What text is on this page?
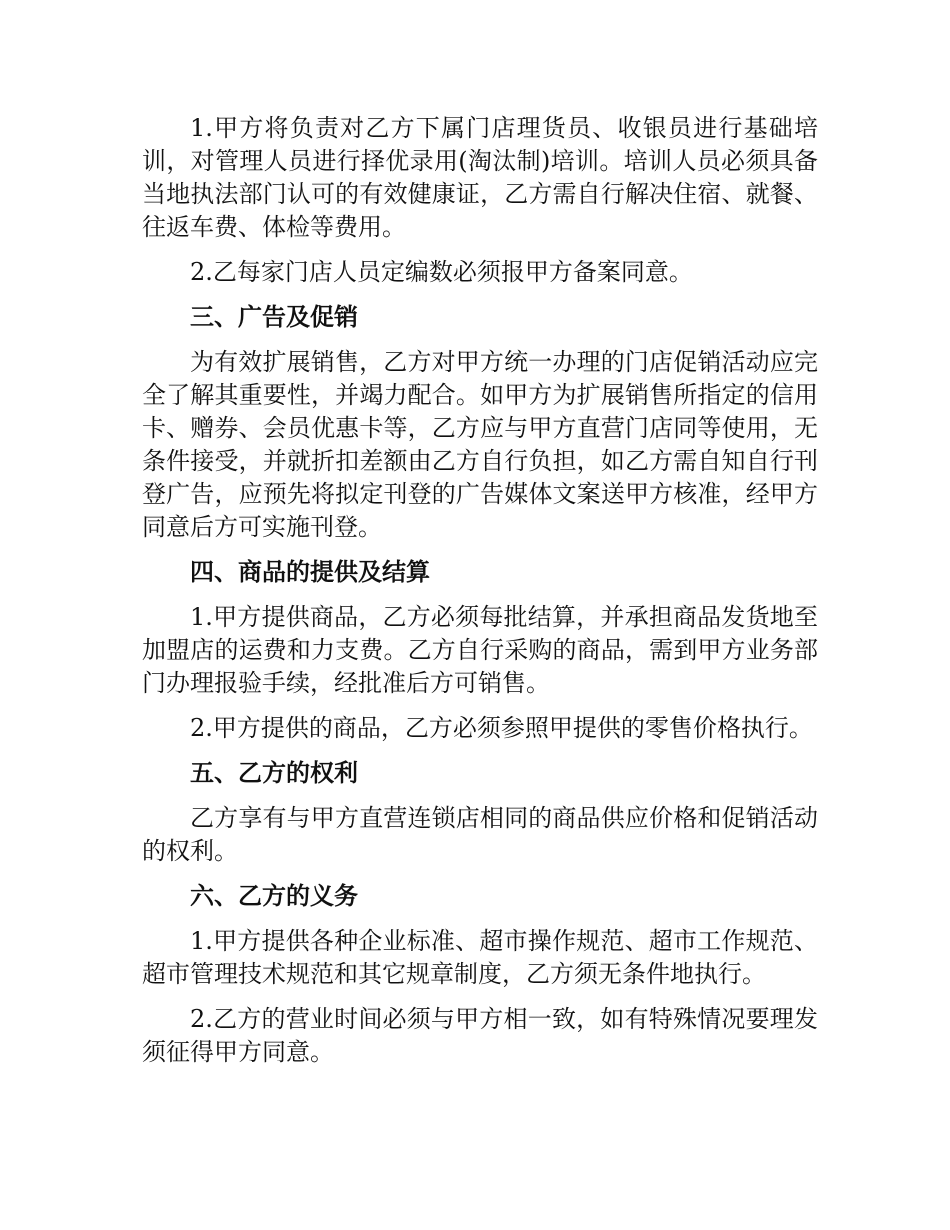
1.甲方将负责对乙方下属门店理货员、收银员进行基础培训，对管理人员进行择优录用(淘汰制)培训。培训人员必须具备当地执法部门认可的有效健康证，乙方需自行解决住宿、就餐、往返车费、体检等费用。

2.乙每家门店人员定编数必须报甲方备案同意。

三、广告及促销

为有效扩展销售，乙方对甲方统一办理的门店促销活动应完全了解其重要性，并竭力配合。如甲方为扩展销售所指定的信用卡、赠券、会员优惠卡等，乙方应与甲方直营门店同等使用，无条件接受，并就折扣差额由乙方自行负担，如乙方需自知自行刊登广告，应预先将拟定刊登的广告媒体文案送甲方核准，经甲方同意后方可实施刊登。

四、商品的提供及结算

1.甲方提供商品，乙方必须每批结算，并承担商品发货地至加盟店的运费和力支费。乙方自行采购的商品，需到甲方业务部门办理报验手续，经批准后方可销售。

2.甲方提供的商品，乙方必须参照甲提供的零售价格执行。

五、乙方的权利

乙方享有与甲方直营连锁店相同的商品供应价格和促销活动的权利。

六、乙方的义务

1.甲方提供各种企业标准、超市操作规范、超市工作规范、超市管理技术规范和其它规章制度，乙方须无条件地执行。

2.乙方的营业时间必须与甲方相一致，如有特殊情况要理发须征得甲方同意。
